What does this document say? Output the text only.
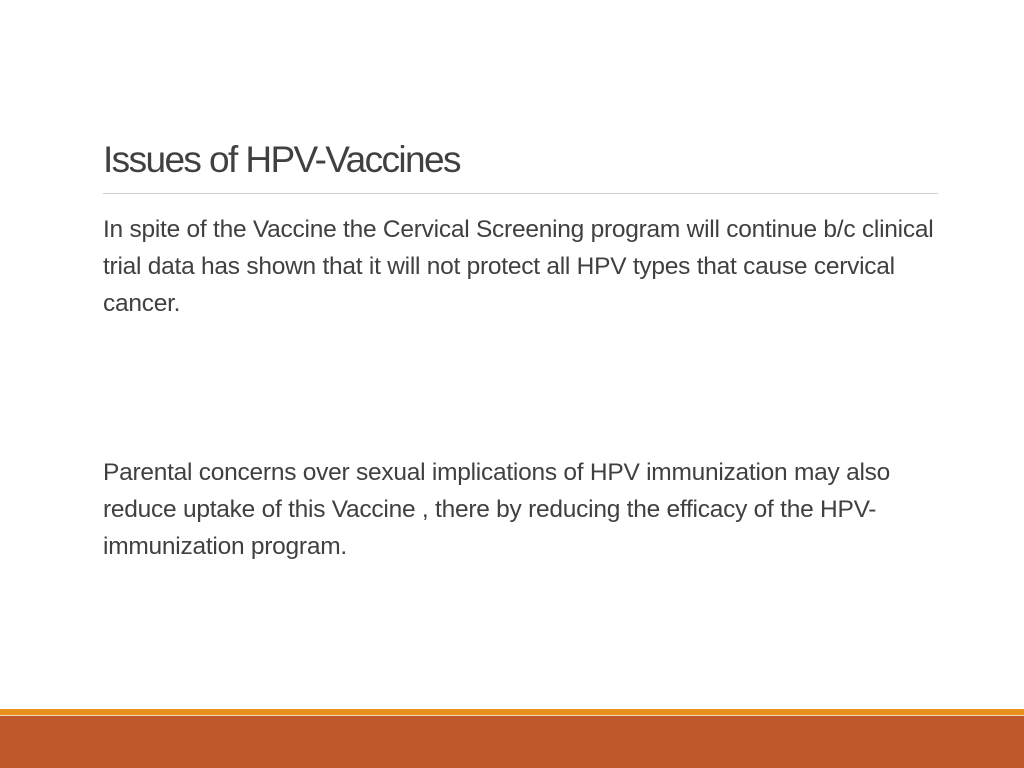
Issues of HPV-Vaccines

In spite of the Vaccine the Cervical Screening program will continue b/c clinical trial data has shown that it will not protect all HPV types that cause cervical cancer.

Parental concerns over sexual implications of HPV immunization may also reduce uptake of this Vaccine , there by reducing the efficacy of the HPV-immunization program.
